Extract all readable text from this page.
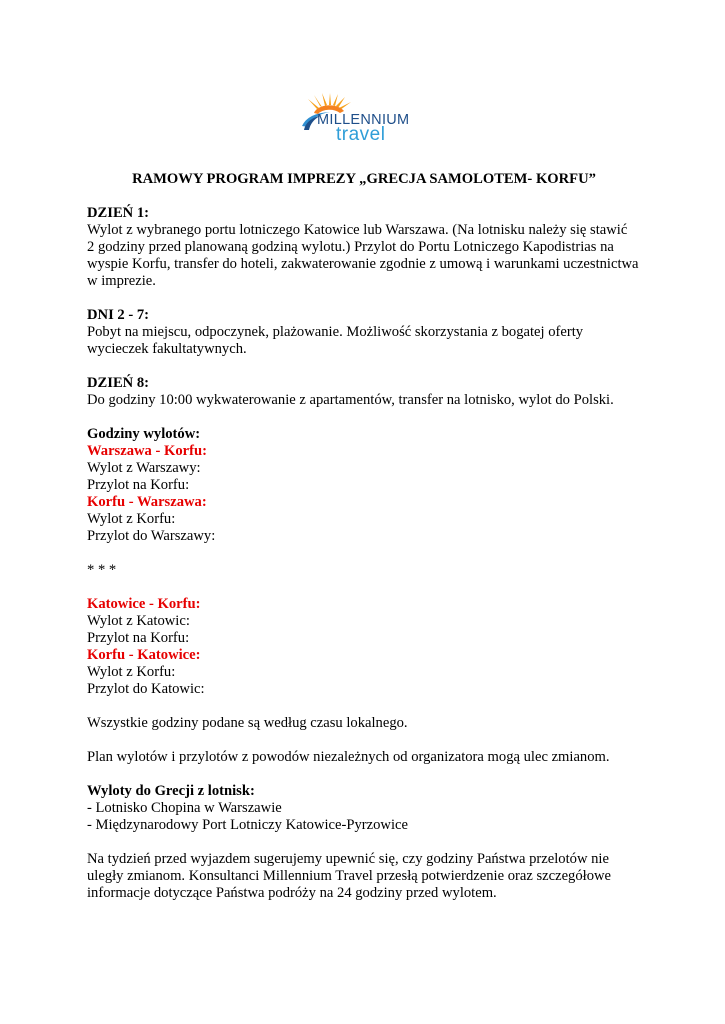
MILLENNIUM
travel

RAMOWY PROGRAM IMPREZY „GRECJA SAMOLOTEM- KORFU”

DZIEŃ 1:

Wylot z wybranego portu lotniczego Katowice lub Warszawa. (Na lotnisku należy się stawić

2 godziny przed planowaną godziną wylotu.) Przylot do Portu Lotniczego Kapodistrias na

wyspie Korfu, transfer do hoteli, zakwaterowanie zgodnie z umową i warunkami uczestnictwa

w imprezie.

DNI 2 - 7:

Pobyt na miejscu, odpoczynek, plażowanie. Możliwość skorzystania z bogatej oferty

wycieczek fakultatywnych.

DZIEŃ 8:

Do godziny 10:00 wykwaterowanie z apartamentów, transfer na lotnisko, wylot do Polski.

Godziny wylotów:

Warszawa - Korfu:

Wylot z Warszawy:

Przylot na Korfu:

Korfu - Warszawa:

Wylot z Korfu:

Przylot do Warszawy:

* * *

Katowice - Korfu:

Wylot z Katowic:

Przylot na Korfu:

Korfu - Katowice:

Wylot z Korfu:

Przylot do Katowic:

Wszystkie godziny podane są według czasu lokalnego.

Plan wylotów i przylotów z powodów niezależnych od organizatora mogą ulec zmianom.

Wyloty do Grecji z lotnisk:

- Lotnisko Chopina w Warszawie

- Międzynarodowy Port Lotniczy Katowice-Pyrzowice

Na tydzień przed wyjazdem sugerujemy upewnić się, czy godziny Państwa przelotów nie

uległy zmianom. Konsultanci Millennium Travel przesłą potwierdzenie oraz szczegółowe

informacje dotyczące Państwa podróży na 24 godziny przed wylotem.
